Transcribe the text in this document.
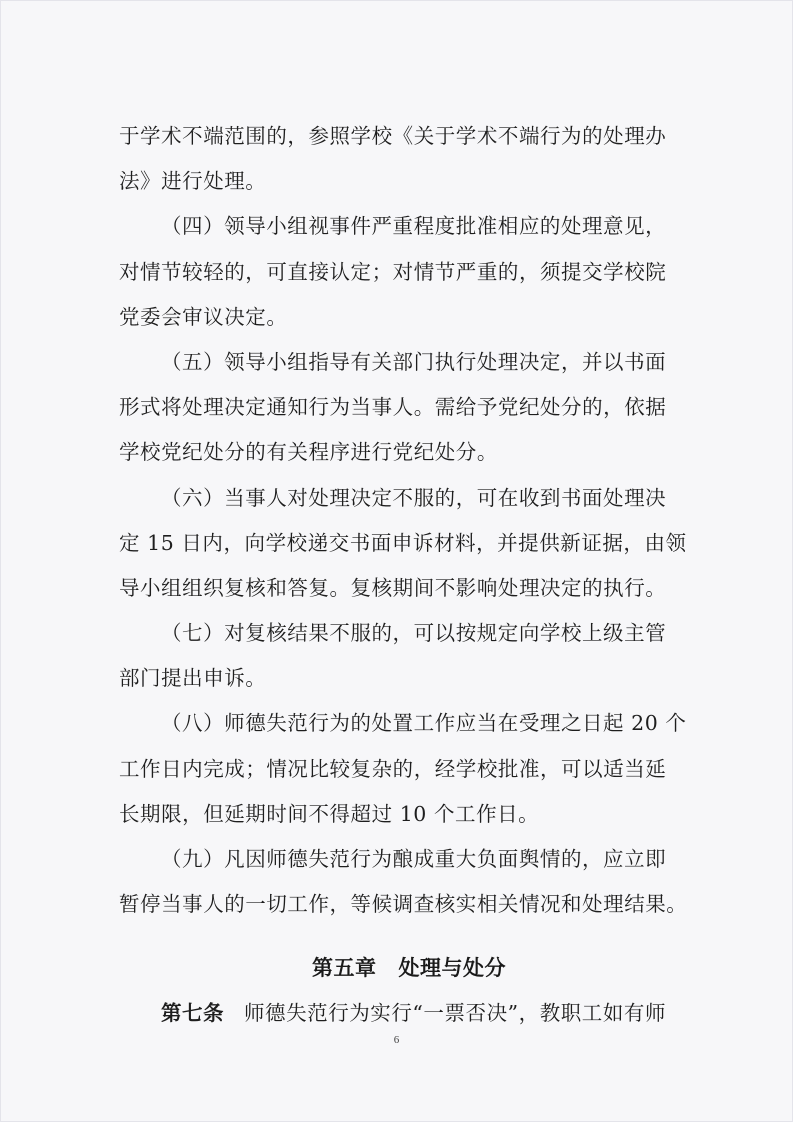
于学术不端范围的，参照学校《关于学术不端行为的处理办
法》进行处理。
（四）领导小组视事件严重程度批准相应的处理意见，
对情节较轻的，可直接认定；对情节严重的，须提交学校院
党委会审议决定。
（五）领导小组指导有关部门执行处理决定，并以书面
形式将处理决定通知行为当事人。需给予党纪处分的，依据
学校党纪处分的有关程序进行党纪处分。
（六）当事人对处理决定不服的，可在收到书面处理决
定 15 日内，向学校递交书面申诉材料，并提供新证据，由领
导小组组织复核和答复。复核期间不影响处理决定的执行。
（七）对复核结果不服的，可以按规定向学校上级主管
部门提出申诉。
（八）师德失范行为的处置工作应当在受理之日起 20 个
工作日内完成；情况比较复杂的，经学校批准，可以适当延
长期限，但延期时间不得超过 10 个工作日。
（九）凡因师德失范行为酿成重大负面舆情的，应立即
暂停当事人的一切工作，等候调查核实相关情况和处理结果。
第五章 处理与处分
第七条 师德失范行为实行“一票否决”，教职工如有师
6
